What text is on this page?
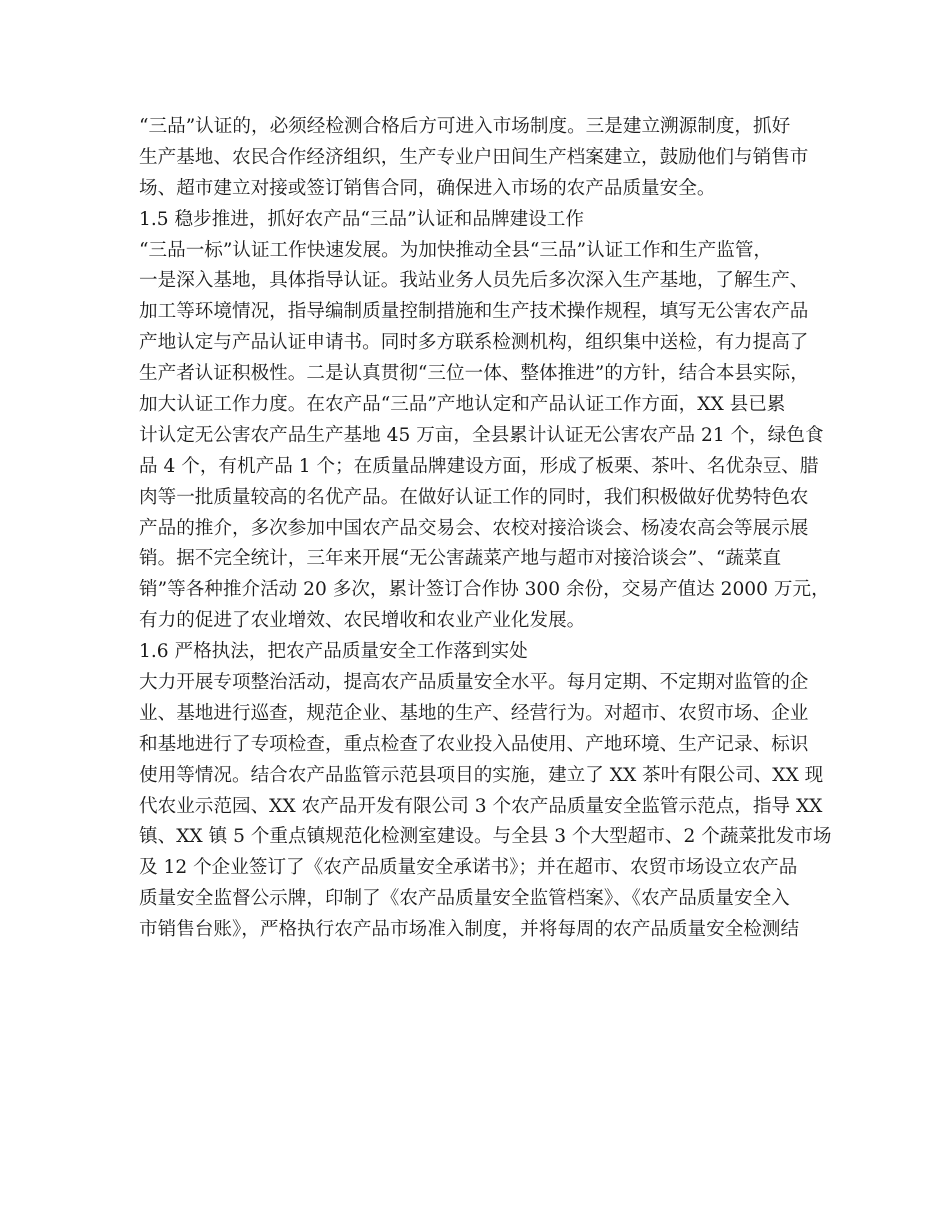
“三品”认证的，必须经检测合格后方可进入市场制度。三是建立溯源制度，抓好
生产基地、农民合作经济组织，生产专业户田间生产档案建立，鼓励他们与销售市
场、超市建立对接或签订销售合同，确保进入市场的农产品质量安全。
1.5 稳步推进，抓好农产品“三品”认证和品牌建设工作
“三品一标”认证工作快速发展。为加快推动全县“三品”认证工作和生产监管，
一是深入基地，具体指导认证。我站业务人员先后多次深入生产基地，了解生产、
加工等环境情况，指导编制质量控制措施和生产技术操作规程，填写无公害农产品
产地认定与产品认证申请书。同时多方联系检测机构，组织集中送检，有力提高了
生产者认证积极性。二是认真贯彻“三位一体、整体推进”的方针，结合本县实际，
加大认证工作力度。在农产品“三品”产地认定和产品认证工作方面，XX 县已累
计认定无公害农产品生产基地 45 万亩，全县累计认证无公害农产品 21 个，绿色食
品 4 个，有机产品 1 个；在质量品牌建设方面，形成了板栗、茶叶、名优杂豆、腊
肉等一批质量较高的名优产品。在做好认证工作的同时，我们积极做好优势特色农
产品的推介，多次参加中国农产品交易会、农校对接洽谈会、杨凌农高会等展示展
销。据不完全统计，三年来开展“无公害蔬菜产地与超市对接洽谈会”、“蔬菜直
销”等各种推介活动 20 多次，累计签订合作协 300 余份，交易产值达 2000 万元，
有力的促进了农业增效、农民增收和农业产业化发展。
1.6 严格执法，把农产品质量安全工作落到实处
大力开展专项整治活动，提高农产品质量安全水平。每月定期、不定期对监管的企
业、基地进行巡查，规范企业、基地的生产、经营行为。对超市、农贸市场、企业
和基地进行了专项检查，重点检查了农业投入品使用、产地环境、生产记录、标识
使用等情况。结合农产品监管示范县项目的实施，建立了 XX 茶叶有限公司、XX 现
代农业示范园、XX 农产品开发有限公司 3 个农产品质量安全监管示范点，指导 XX
镇、XX 镇 5 个重点镇规范化检测室建设。与全县 3 个大型超市、2 个蔬菜批发市场
及 12 个企业签订了《农产品质量安全承诺书》；并在超市、农贸市场设立农产品
质量安全监督公示牌，印制了《农产品质量安全监管档案》、《农产品质量安全入
市销售台账》，严格执行农产品市场准入制度，并将每周的农产品质量安全检测结
